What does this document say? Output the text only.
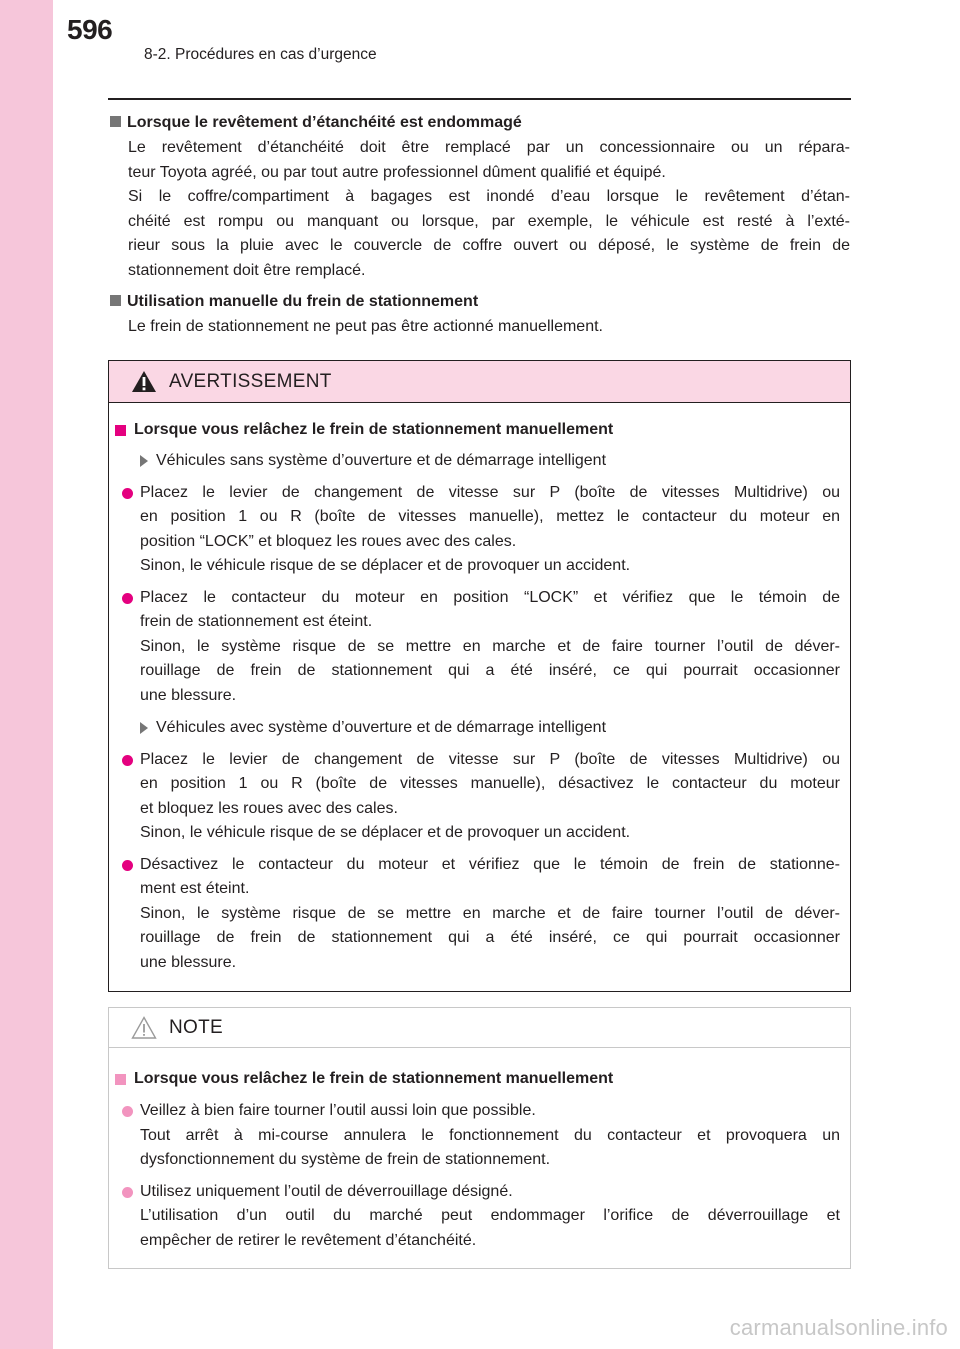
596
8-2. Procédures en cas d’urgence
Lorsque le revêtement d’étanchéité est endommagé
Le revêtement d’étanchéité doit être remplacé par un concessionnaire ou un répara-
teur Toyota agréé, ou par tout autre professionnel dûment qualifié et équipé.
Si le coffre/compartiment à bagages est inondé d’eau lorsque le revêtement d’étan-
chéité est rompu ou manquant ou lorsque, par exemple, le véhicule est resté à l’exté-
rieur sous la pluie avec le couvercle de coffre ouvert ou déposé, le système de frein de
stationnement doit être remplacé.
Utilisation manuelle du frein de stationnement
Le frein de stationnement ne peut pas être actionné manuellement.
AVERTISSEMENT
Lorsque vous relâchez le frein de stationnement manuellement
Véhicules sans système d’ouverture et de démarrage intelligent
Placez le levier de changement de vitesse sur P (boîte de vitesses Multidrive) ou
en position 1 ou R (boîte de vitesses manuelle), mettez le contacteur du moteur en
position “LOCK” et bloquez les roues avec des cales.
Sinon, le véhicule risque de se déplacer et de provoquer un accident.
Placez le contacteur du moteur en position “LOCK” et vérifiez que le témoin de
frein de stationnement est éteint.
Sinon, le système risque de se mettre en marche et de faire tourner l’outil de déver-
rouillage de frein de stationnement qui a été inséré, ce qui pourrait occasionner
une blessure.
Véhicules avec système d’ouverture et de démarrage intelligent
Placez le levier de changement de vitesse sur P (boîte de vitesses Multidrive) ou
en position 1 ou R (boîte de vitesses manuelle), désactivez le contacteur du moteur
et bloquez les roues avec des cales.
Sinon, le véhicule risque de se déplacer et de provoquer un accident.
Désactivez le contacteur du moteur et vérifiez que le témoin de frein de stationne-
ment est éteint.
Sinon, le système risque de se mettre en marche et de faire tourner l’outil de déver-
rouillage de frein de stationnement qui a été inséré, ce qui pourrait occasionner
une blessure.
NOTE
Lorsque vous relâchez le frein de stationnement manuellement
Veillez à bien faire tourner l’outil aussi loin que possible.
Tout arrêt à mi-course annulera le fonctionnement du contacteur et provoquera un
dysfonctionnement du système de frein de stationnement.
Utilisez uniquement l’outil de déverrouillage désigné.
L’utilisation d’un outil du marché peut endommager l’orifice de déverrouillage et
empêcher de retirer le revêtement d’étanchéité.
carmanualsonline.info
